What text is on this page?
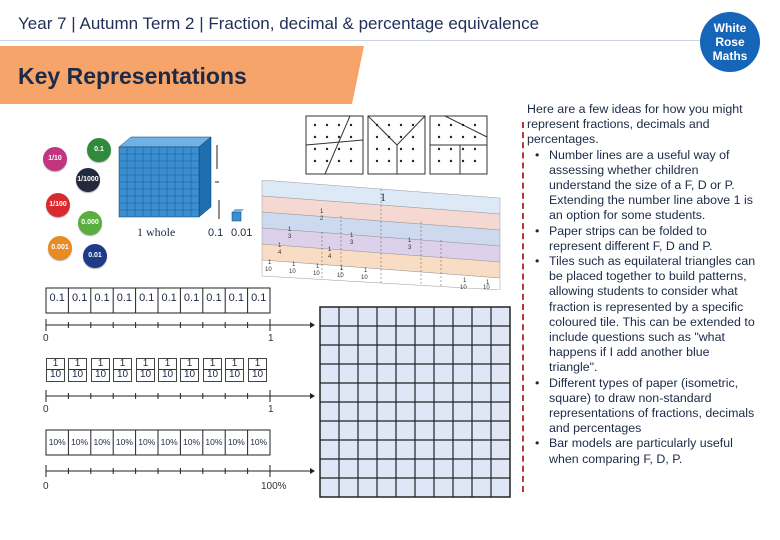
Year 7 | Autumn Term 2 | Fraction, decimal & percentage equivalence	White
Rose
Maths
Key Representations
1/10
0.1
1/1000
1/100
0.000
0.001
0.01
1 whole	0.1 0.01
1
2
1
3	1
3	1
3
1
4	1
4
1
10
1
10
1
10
1
10
1
10	1
10
1
10
1
0.1 0.1 0.1 0.1 0.1 0.1 0.1 0.1 0.1 0.1
0	1
0	1
0	100%
$\frac{1}{10} \frac{1}{10} \frac{1}{10} \frac{1}{10} \frac{1}{10} \frac{1}{10} \frac{1}{10} \frac{1}{10} \frac{1}{10} \frac{1}{10}$
10% 10% 10% 10% 10% 10% 10% 10% 10% 10%

Here are a few ideas for how you might represent fractions, decimals and percentages.

• Number lines are a useful way of assessing whether children understand the size of a F, D or P. Extending the number line above 1 is an option for some students.
• Paper strips can be folded to represent different F, D and P.
• Tiles such as equilateral triangles can be placed together to build patterns, allowing students to consider what fraction is represented by a specific coloured tile. This can be extended to include questions such as "what happens if I add another blue triangle".
• Different types of paper (isometric, square) to draw non-standard representations of fractions, decimals and percentages
• Bar models are particularly useful when comparing F, D, P.
